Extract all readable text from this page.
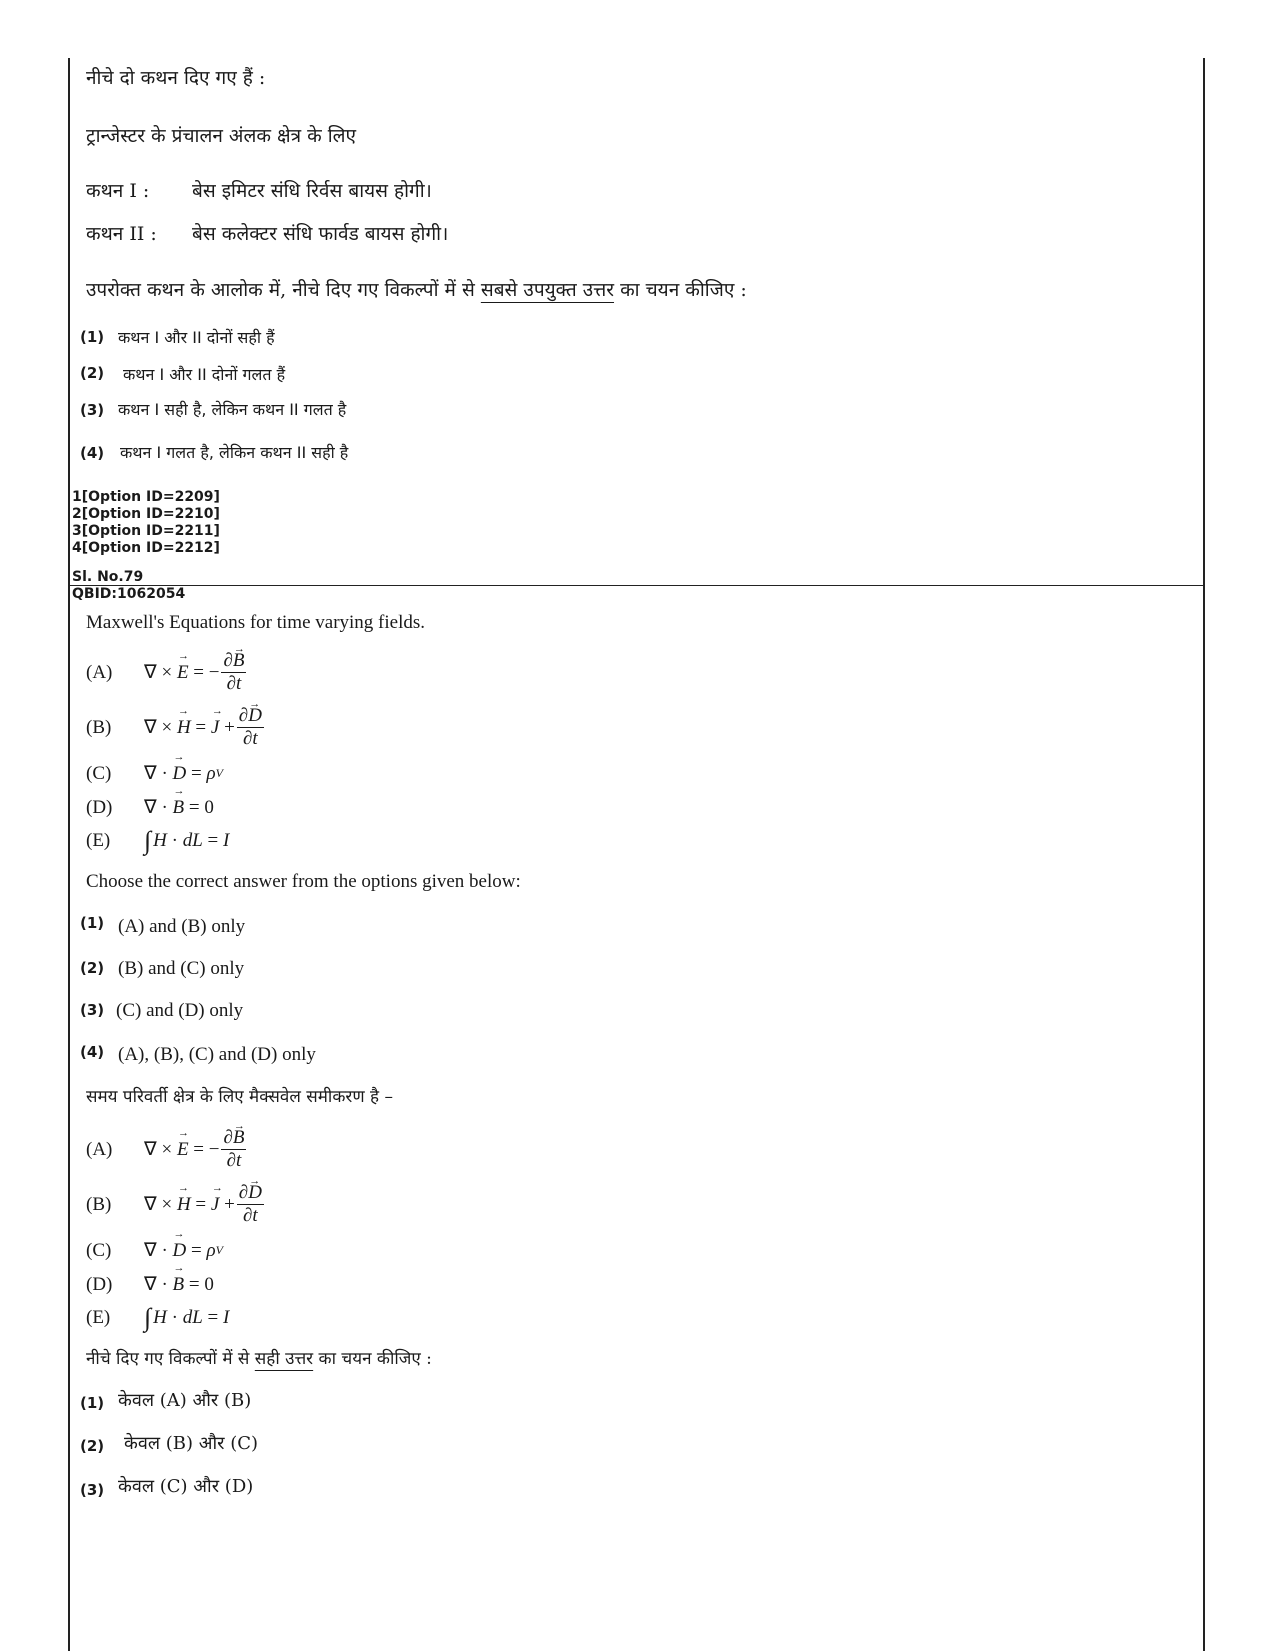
नीचे दो कथन दिए गए हैं :
ट्रान्जेस्टर के प्रंचालन अंलक क्षेत्र के लिए
कथन I : बेस इमिटर संधि रिर्वस बायस होगी।
कथन II : बेस कलेक्टर संधि फार्वड बायस होगी।
उपरोक्त कथन के आलोक में, नीचे दिए गए विकल्पों में से सबसे उपयुक्त उत्तर का चयन कीजिए :
(1) कथन I और II दोनों सही हैं
(2) कथन I और II दोनों गलत हैं
(3) कथन I सही है, लेकिन कथन II गलत है
(4) कथन I गलत है, लेकिन कथन II सही है
1[Option ID=2209]
2[Option ID=2210]
3[Option ID=2211]
4[Option ID=2212]
Sl. No.79
QBID:1062054
Maxwell's Equations for time varying fields.
(A)	∇ × → E = − $\frac{\partial\to B}{\partial t}$
(B)	∇ × → H = → $J + \frac{\partial\to D}{\partial t}$
(C)	∇ · → D = ρ V
(D)	∇ · → B = 0
(E)	∫ H · dL = I
Choose the correct answer from the options given below:
(1) (A) and (B) only
(2) (B) and (C) only
(3) (C) and (D) only
(4) (A), (B), (C) and (D) only
समय परिवर्ती क्षेत्र के लिए मैक्सवेल समीकरण है –
(A)	∇ × → E = − $\frac{\partial\to B}{\partial t}$
(B)	∇ × → H = → $J + \frac{\partial\to D}{\partial t}$
(C)	∇ · → D = ρ V
(D)	∇ · → B = 0
(E)	∫ H · dL = I
नीचे दिए गए विकल्पों में से सही उत्तर का चयन कीजिए :
(1) केवल (A) और (B)
(2) केवल (B) और (C)
(3) केवल (C) और (D)
